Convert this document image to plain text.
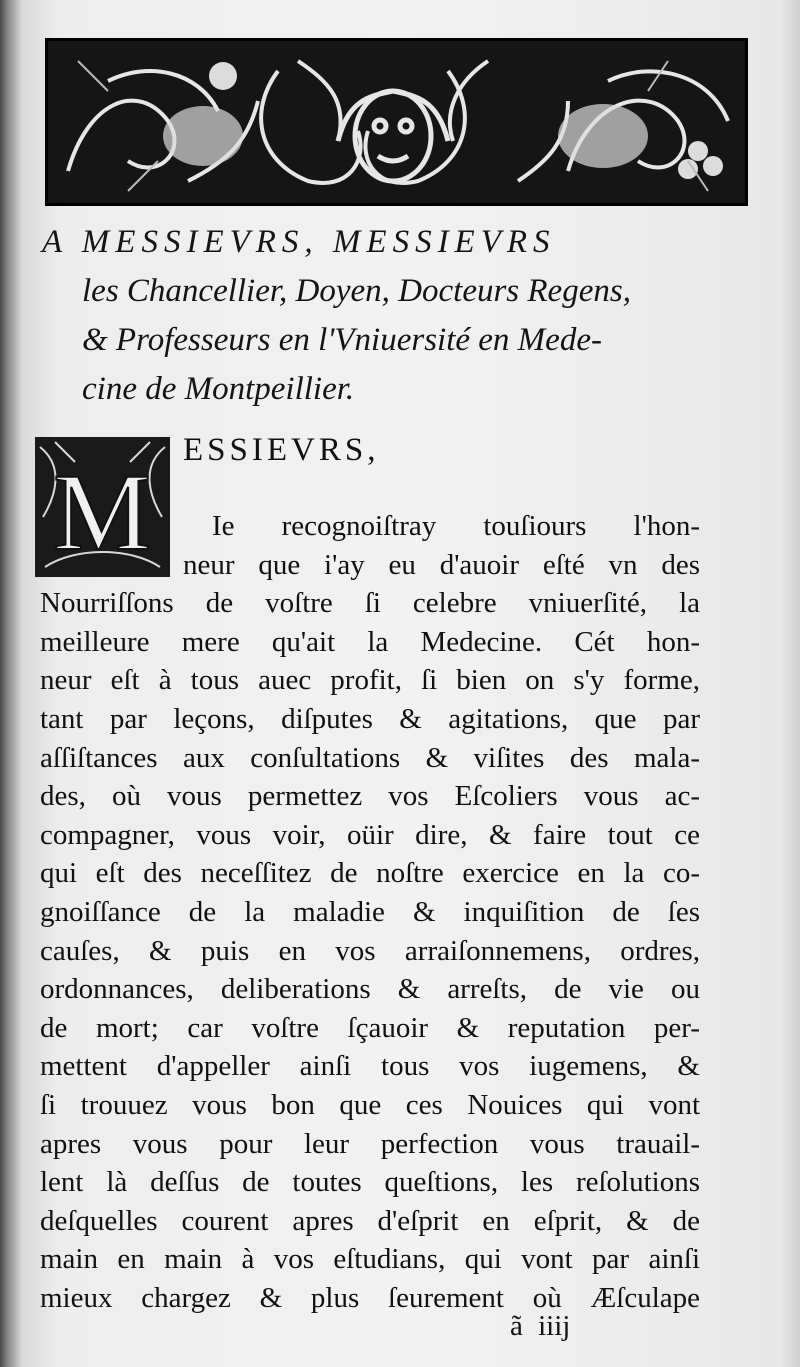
A MESSIEVRS, MESSIEVRS
les Chancellier, Doyen, Docteurs Regens,
& Professeurs en l'Vniuersité en Mede-
cine de Montpeillier.
M
ESSIEVRS,
Ie recognoiſtray touſiours l'hon-
neur que i'ay eu d'auoir eſté vn des
Nourriſſons de voſtre ſi celebre vniuerſité, la
meilleure mere qu'ait la Medecine. Cét hon-
neur eſt à tous auec profit, ſi bien on s'y forme,
tant par leçons, diſputes & agitations, que par
aſſiſtances aux conſultations & viſites des mala-
des, où vous permettez vos Eſcoliers vous ac-
compagner, vous voir, oüir dire, & faire tout ce
qui eſt des neceſſitez de noſtre exercice en la co-
gnoiſſance de la maladie & inquiſition de ſes
cauſes, & puis en vos arraiſonnemens, ordres,
ordonnances, deliberations & arreſts, de vie ou
de mort; car voſtre ſçauoir & reputation per-
mettent d'appeller ainſi tous vos iugemens, &
ſi trouuez vous bon que ces Nouices qui vont
apres vous pour leur perfection vous trauail-
lent là deſſus de toutes queſtions, les reſolutions
deſquelles courent apres d'eſprit en eſprit, & de
main en main à vos eſtudians, qui vont par ainſi
mieux chargez & plus ſeurement où Æſculape
ã iiij
